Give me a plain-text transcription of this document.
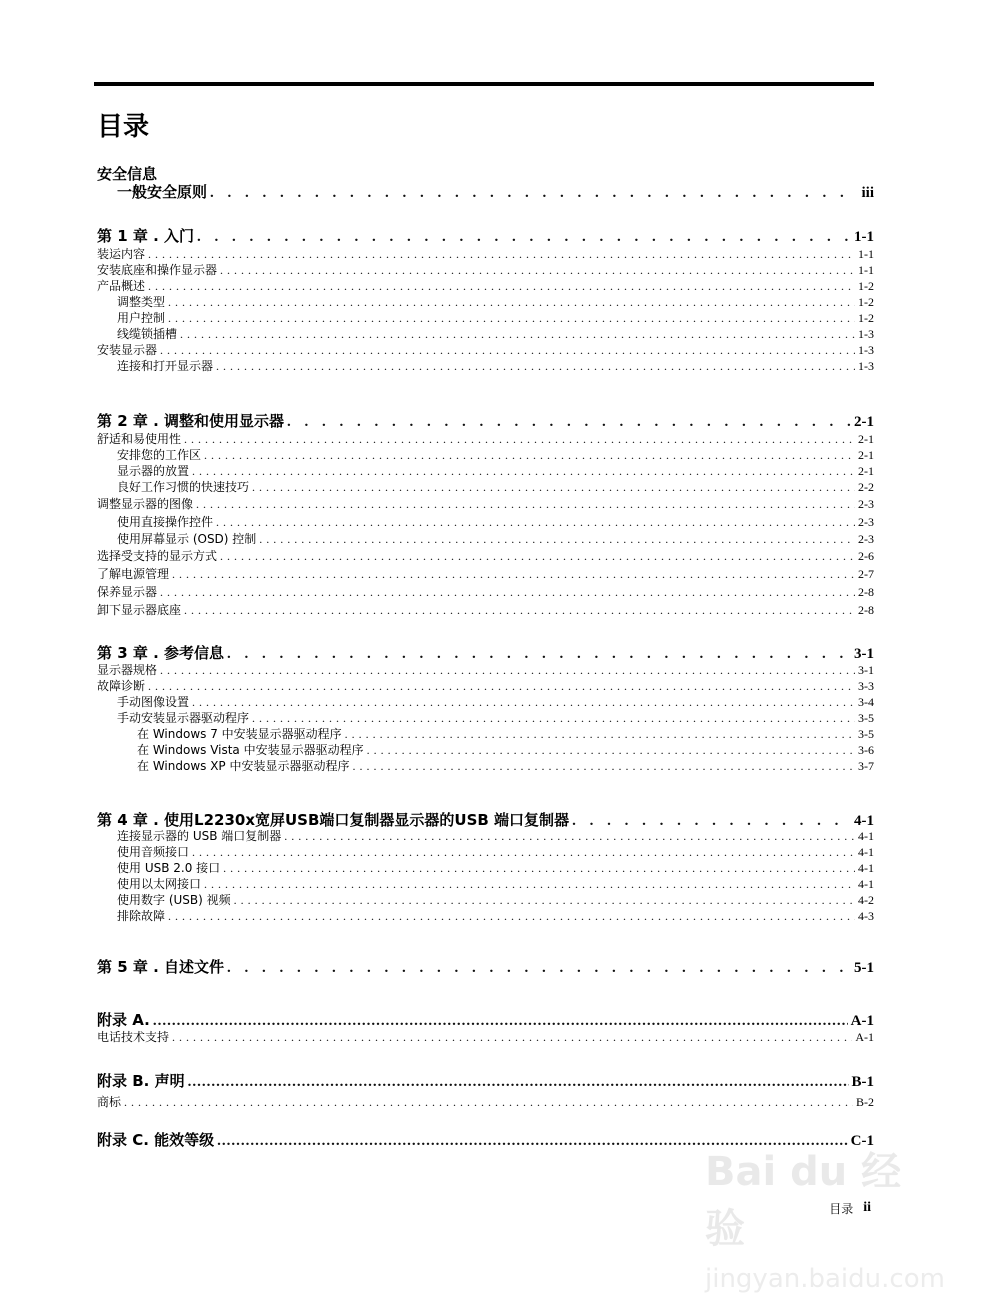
目录
安全信息
一般安全原则 . . .	iii
第 1 章 . 入门 . . .	1-1
装运内容 . . .	1-1
安装底座和操作显示器 . . .	1-1
产品概述 . . .	1-2
调整类型 . . .	1-2
用户控制 . . .	1-2
线缆锁插槽 . . .	1-3
安装显示器 . . .	1-3
连接和打开显示器 . . .	1-3
第 2 章 . 调整和使用显示器 . . .	2-1
舒适和易使用性 . . .	2-1
安排您的工作区 . . .	2-1
显示器的放置 . . .	2-1
良好工作习惯的快速技巧 . . .	2-2
调整显示器的图像 . . .	2-3
使用直接操作控件 . . .	2-3
使用屏幕显示 (OSD) 控制 . . .	2-3
选择受支持的显示方式 . . .	2-6
了解电源管理 . . .	2-7
保养显示器 . . .	2-8
卸下显示器底座 . . .	2-8
第 3 章 . 参考信息 . . .	3-1
显示器规格 . . .	3-1
故障诊断 . . .	3-3
手动图像设置 . . .	3-4
手动安装显示器驱动程序 . . .	3-5
在 Windows 7 中安装显示器驱动程序 . . .	3-5
在 Windows Vista 中安装显示器驱动程序 . . .	3-6
在 Windows XP 中安装显示器驱动程序 . . .	3-7
第 4 章 . 使用L2230x宽屏USB端口复制器显示器的USB 端口复制器 . . .	4-1
连接显示器的 USB 端口复制器 . . .	4-1
使用音频接口 . . .	4-1
使用 USB 2.0 接口 . . .	4-1
使用以太网接口 . . .	4-1
使用数字 (USB) 视频 . . .	4-2
排除故障 . . .	4-3
第 5 章 . 自述文件 . . .	5-1
附录 A. .....	A-1
电话技术支持 . . .	A-1
附录 B. 声明 .....	B-1
商标 . . .	B-2
附录 C. 能效等级 .....	C-1
Bai du 经验
jingyan.baidu.com
目录 ii
